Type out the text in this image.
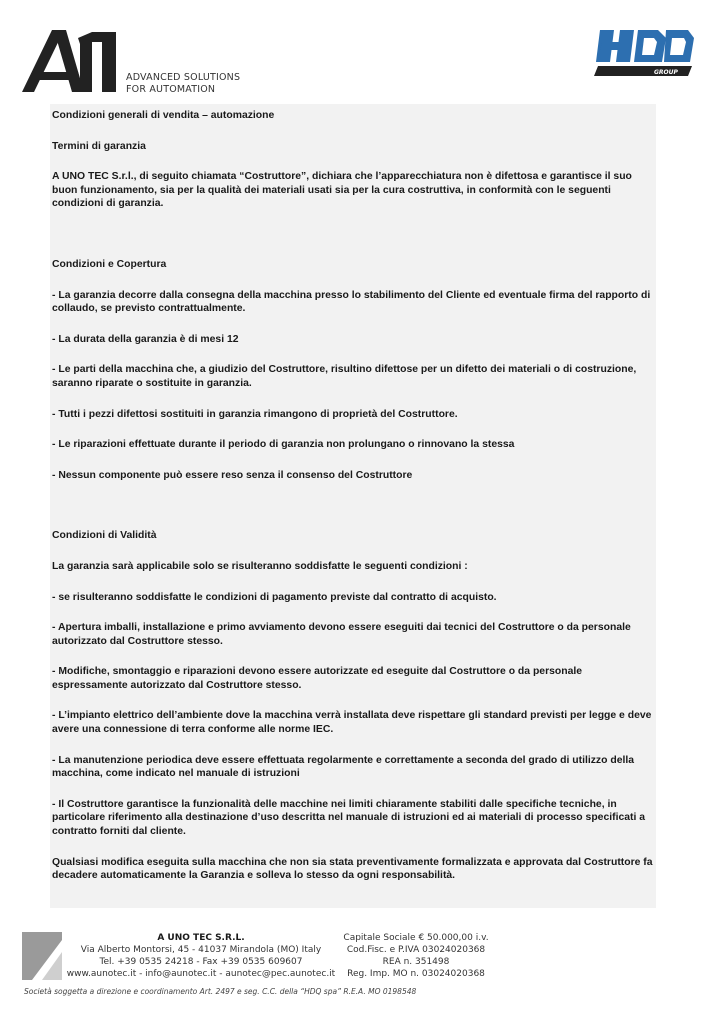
ADVANCED SOLUTIONS
FOR AUTOMATION
GROUP

Condizioni generali di vendita – automazione

Termini di garanzia

A UNO TEC S.r.l., di seguito chiamata “Costruttore”, dichiara che l’apparecchiatura non è difettosa e garantisce il suo buon funzionamento, sia per la qualità dei materiali usati sia per la cura costruttiva, in conformità con le seguenti condizioni di garanzia.

Condizioni e Copertura

- La garanzia decorre dalla consegna della macchina presso lo stabilimento del Cliente ed eventuale firma del rapporto di collaudo, se previsto contrattualmente.

- La durata della garanzia è di mesi 12

- Le parti della macchina che, a giudizio del Costruttore, risultino difettose per un difetto dei materiali o di costruzione, saranno riparate o sostituite in garanzia.

- Tutti i pezzi difettosi sostituiti in garanzia rimangono di proprietà del Costruttore.

- Le riparazioni effettuate durante il periodo di garanzia non prolungano o rinnovano la stessa

- Nessun componente può essere reso senza il consenso del Costruttore

Condizioni di Validità

La garanzia sarà applicabile solo se risulteranno soddisfatte le seguenti condizioni :

- se risulteranno soddisfatte le condizioni di pagamento previste dal contratto di acquisto.

- Apertura imballi, installazione e primo avviamento devono essere eseguiti dai tecnici del Costruttore o da personale autorizzato dal Costruttore stesso.

- Modifiche, smontaggio e riparazioni devono essere autorizzate ed eseguite dal Costruttore o da personale espressamente autorizzato dal Costruttore stesso.

- L’impianto elettrico dell’ambiente dove la macchina verrà installata deve rispettare gli standard previsti per legge e deve avere una connessione di terra conforme alle norme IEC.

- La manutenzione periodica deve essere effettuata regolarmente e correttamente a seconda del grado di utilizzo della macchina, come indicato nel manuale di istruzioni

- Il Costruttore garantisce la funzionalità delle macchine nei limiti chiaramente stabiliti dalle specifiche tecniche, in particolare riferimento alla destinazione d’uso descritta nel manuale di istruzioni ed ai materiali di processo specificati a contratto forniti dal cliente.

Qualsiasi modifica eseguita sulla macchina che non sia stata preventivamente formalizzata e approvata dal Costruttore fa decadere automaticamente la Garanzia e solleva lo stesso da ogni responsabilità.

A UNO TEC S.R.L.
Via Alberto Montorsi, 45 - 41037 Mirandola (MO) Italy
Tel. +39 0535 24218 - Fax +39 0535 609607
www.aunotec.it - info@aunotec.it - aunotec@pec.aunotec.it
Capitale Sociale € 50.000,00 i.v.
Cod.Fisc. e P.IVA 03024020368
REA n. 351498
Reg. Imp. MO n. 03024020368
Società soggetta a direzione e coordinamento Art. 2497 e seg. C.C. della “HDQ spa” R.E.A. MO 0198548
